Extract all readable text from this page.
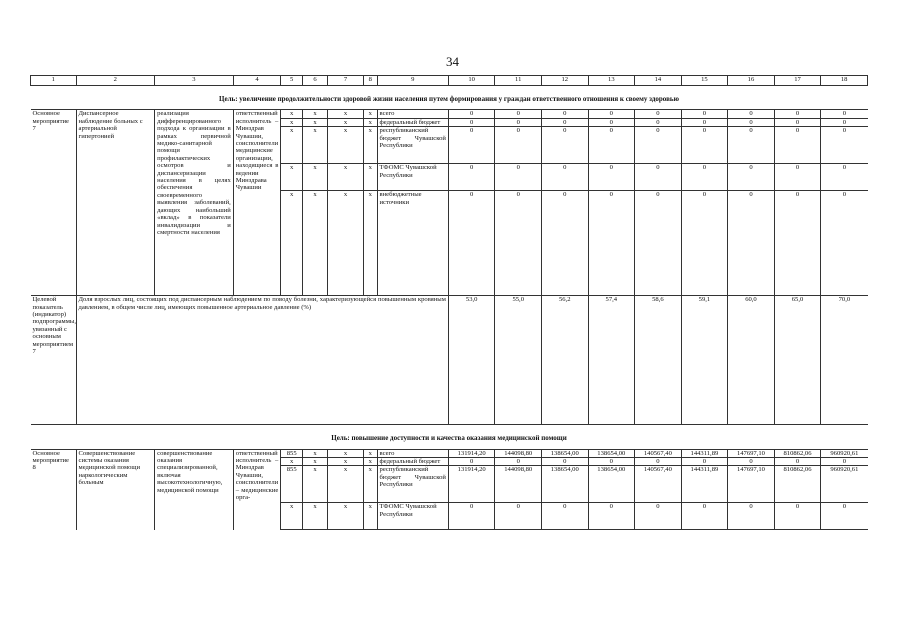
34
1	2	3	4	5	6	7	8	9	10	11	12	13	14	15	16	17	18
Цель: увеличение продолжительности здоровой жизни населения путем формирования у граждан ответственного отношения к своему здоровью																	
Основное мероприятие 7	Диспансерное наблюдение больных с артериальной гипертонией	реализация дифференцированного подхода к организации в рамках первичной медико-санитарной помощи профилактических осмотров и диспансеризации населения в целях обеспечения своевременного выявления заболеваний, дающих наибольший «вклад» в показатели инвалидизации и смертности населения	ответственный исполнитель – Минздрав Чувашии, соисполнители медицинские организации, находящиеся в ведении Минздрава Чувашии	x	x	x	x	всего	0	0	0	0	0	0	0	0	0
				x	x	x	x	федеральный бюджет	0	0	0	0	0	0	0	0	0
				x	x	x	x	республиканский бюджет Чувашской Республики	0	0	0	0	0	0	0	0	0
				x	x	x	x	ТФОМС Чувашской Республики	0	0	0	0	0	0	0	0	0
				x	x	x	x	внебюджетные источники	0	0	0	0	0	0	0	0	0
Целевой показатель (индикатор) подпрограммы, увязанный с основным мероприятием 7	Доля взрослых лиц, состоящих под диспансерным наблюдением по поводу болезни, характеризующейся повышенным кровяным давлением, в общем числе лиц, имеющих повышенное артериальное давление (%)								53,0	55,0	56,2	57,4	58,6	59,1	60,0	65,0	70,0
Цель: повышение доступности и качества оказания медицинской помощи																	
Основное мероприятие 8	Совершенствование системы оказания медицинской помощи наркологическим больным	совершенствование оказания специализированной, включая высокотехнологичную, медицинской помощи	ответственный исполнитель – Минздрав Чувашии, соисполнители – медицинские орга-	855	x	x	x	всего	131914,20	144098,80	138654,00	138654,00	140567,40	144311,89	147697,10	810862,06	960920,61
				x	x	x	x	федеральный бюджет	0	0	0	0	0	0	0	0	0
				855	x	x	x	республиканский бюджет Чувашской Республики	131914,20	144098,80	138654,00	138654,00	140567,40	144311,89	147697,10	810862,06	960920,61
				x	x	x	x	ТФОМС Чувашской Республики	0	0	0	0	0	0	0	0	0
